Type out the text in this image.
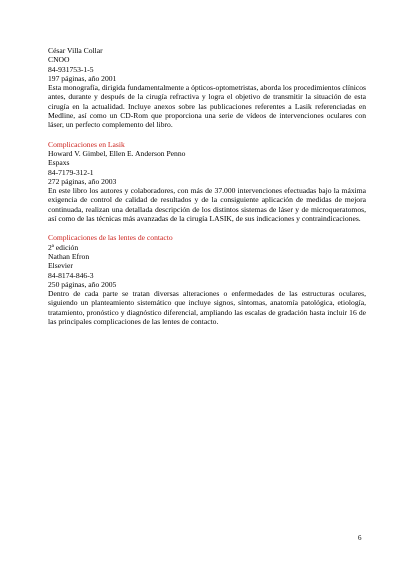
César Villa Collar
CNOO
84-931753-1-5
197 páginas, año 2001
Esta monografía, dirigida fundamentalmente a ópticos-optometristas, aborda los procedimientos clínicos antes, durante y después de la cirugía refractiva y logra el objetivo de transmitir la situación de esta cirugía en la actualidad. Incluye anexos sobre las publicaciones referentes a Lasik referenciadas en Medline, así como un CD-Rom que proporciona una serie de vídeos de intervenciones oculares con láser, un perfecto complemento del libro.
Complicaciones en Lasik
Howard V. Gimbel, Ellen E. Anderson Penno
Espaxs
84-7179-312-1
272 páginas, año 2003
En este libro los autores y colaboradores, con más de 37.000 intervenciones efectuadas bajo la máxima exigencia de control de calidad de resultados y de la consiguiente aplicación de medidas de mejora continuada, realizan una detallada descripción de los distintos sistemas de láser y de microqueratomos, así como de las técnicas más avanzadas de la cirugía LASIK, de sus indicaciones y contraindicaciones.
Complicaciones de las lentes de contacto
2ª edición
Nathan Efron
Elsevier
84-8174-846-3
250 páginas, año 2005
Dentro de cada parte se tratan diversas alteraciones o enfermedades de las estructuras oculares, siguiendo un planteamiento sistemático que incluye signos, síntomas, anatomía patológica, etiología, tratamiento, pronóstico y diagnóstico diferencial, ampliando las escalas de gradación hasta incluir 16 de las principales complicaciones de las lentes de contacto.
6
